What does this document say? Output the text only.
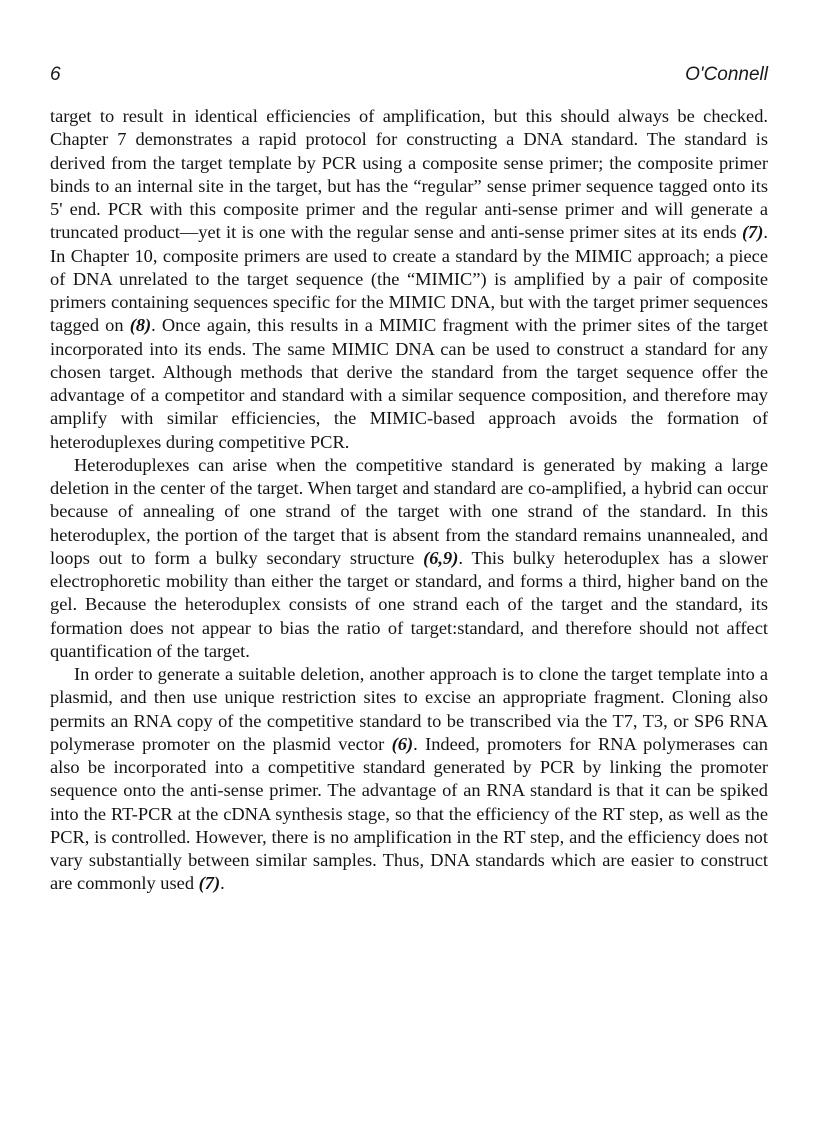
6	O'Connell

target to result in identical efficiencies of amplification, but this should always be checked. Chapter 7 demonstrates a rapid protocol for constructing a DNA standard. The standard is derived from the target template by PCR using a composite sense primer; the composite primer binds to an internal site in the target, but has the “regular” sense primer sequence tagged onto its 5' end. PCR with this composite primer and the regular anti-sense primer and will generate a truncated product—yet it is one with the regular sense and anti-sense primer sites at its ends (7). In Chapter 10, composite primers are used to create a standard by the MIMIC approach; a piece of DNA unrelated to the target sequence (the “MIMIC”) is amplified by a pair of composite primers containing sequences specific for the MIMIC DNA, but with the target primer sequences tagged on (8). Once again, this results in a MIMIC fragment with the primer sites of the target incorporated into its ends. The same MIMIC DNA can be used to construct a standard for any chosen target. Although methods that derive the standard from the target sequence offer the advantage of a competitor and standard with a similar sequence composition, and therefore may amplify with similar efficiencies, the MIMIC-based approach avoids the formation of heteroduplexes during competitive PCR.

Heteroduplexes can arise when the competitive standard is generated by making a large deletion in the center of the target. When target and standard are co-amplified, a hybrid can occur because of annealing of one strand of the target with one strand of the standard. In this heteroduplex, the portion of the target that is absent from the standard remains unannealed, and loops out to form a bulky secondary structure (6,9). This bulky heteroduplex has a slower electrophoretic mobility than either the target or standard, and forms a third, higher band on the gel. Because the heteroduplex consists of one strand each of the target and the standard, its formation does not appear to bias the ratio of target:standard, and therefore should not affect quantification of the target.

In order to generate a suitable deletion, another approach is to clone the target template into a plasmid, and then use unique restriction sites to excise an appropriate fragment. Cloning also permits an RNA copy of the competitive standard to be transcribed via the T7, T3, or SP6 RNA polymerase promoter on the plasmid vector (6). Indeed, promoters for RNA polymerases can also be incorporated into a competitive standard generated by PCR by linking the promoter sequence onto the anti-sense primer. The advantage of an RNA standard is that it can be spiked into the RT-PCR at the cDNA synthesis stage, so that the efficiency of the RT step, as well as the PCR, is controlled. However, there is no amplification in the RT step, and the efficiency does not vary substantially between similar samples. Thus, DNA standards which are easier to construct are commonly used (7).
